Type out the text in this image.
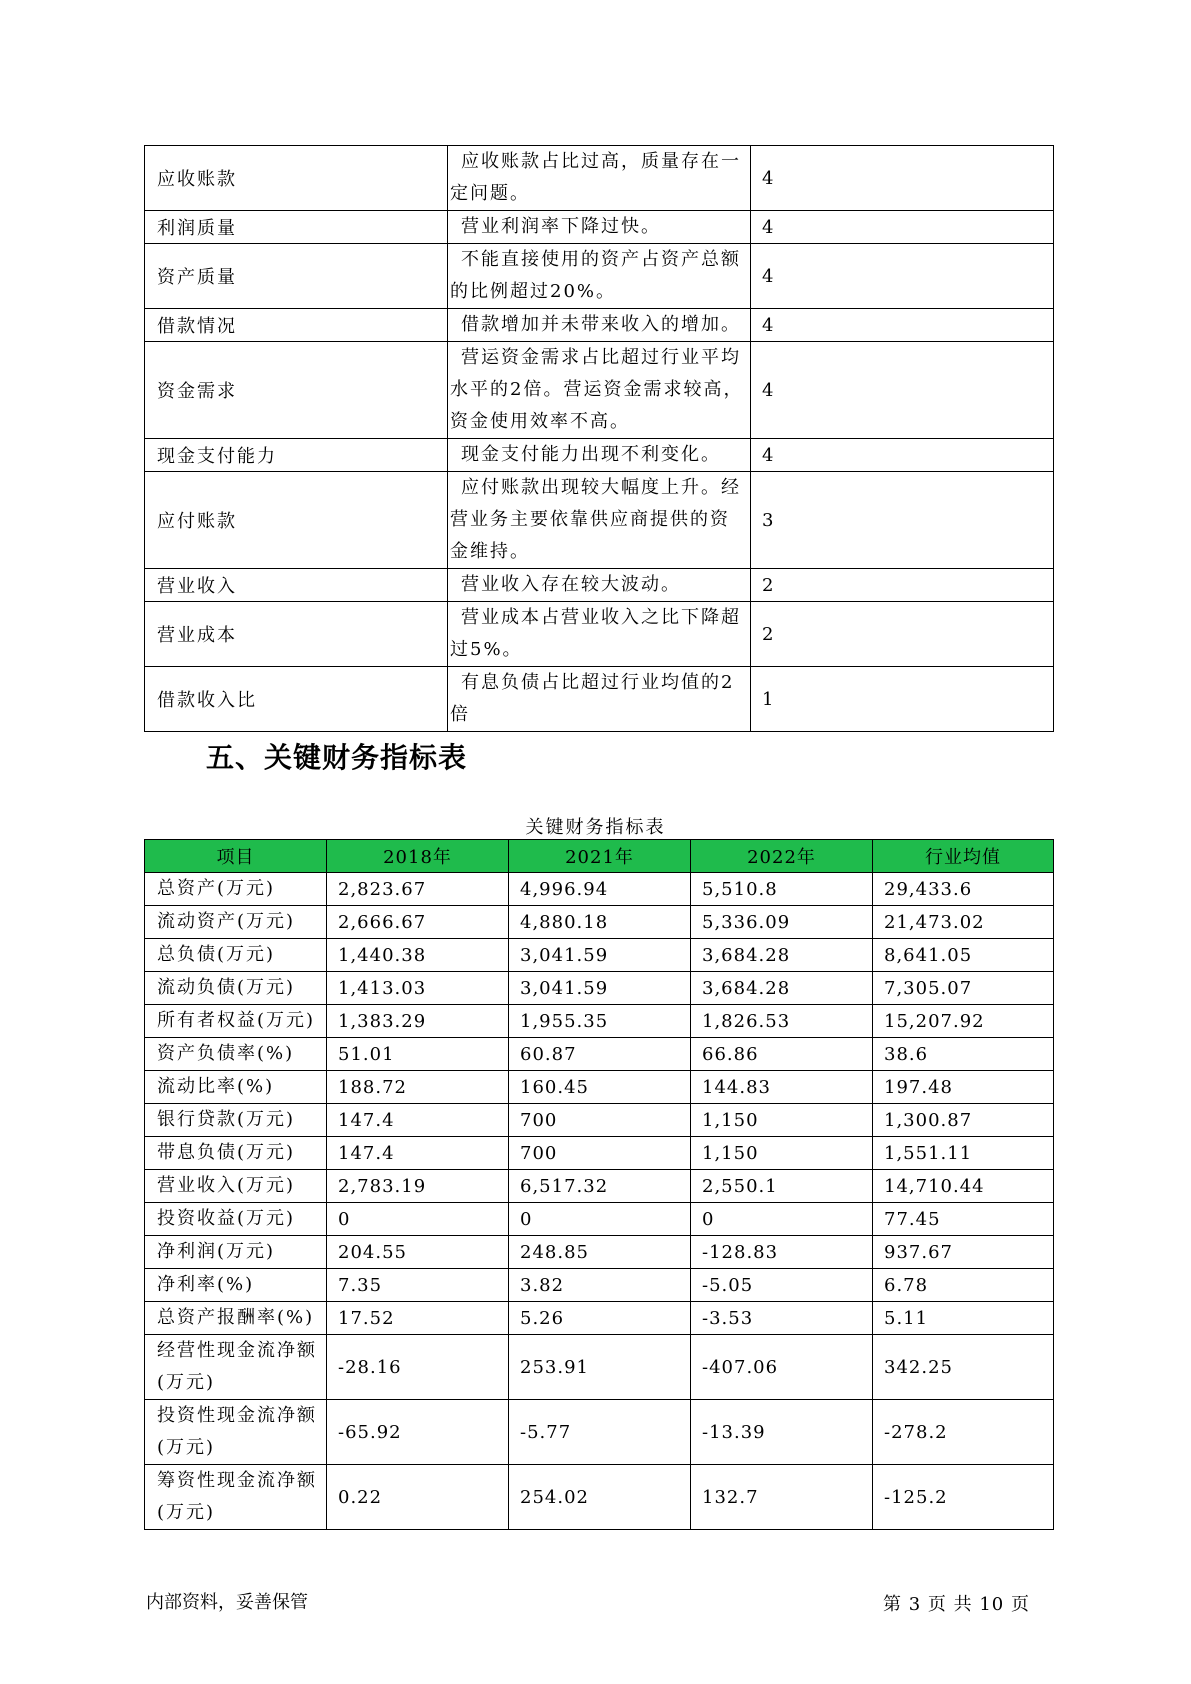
应收账款	应收账款占比过高，质量存在一定问题。	4
利润质量	营业利润率下降过快。	4
资产质量	不能直接使用的资产占资产总额的比例超过20%。	4
借款情况	借款增加并未带来收入的增加。	4
资金需求	营运资金需求占比超过行业平均水平的2倍。营运资金需求较高，资金使用效率不高。	4
现金支付能力	现金支付能力出现不利变化。	4
应付账款	应付账款出现较大幅度上升。经营业务主要依靠供应商提供的资金维持。	3
营业收入	营业收入存在较大波动。	2
营业成本	营业成本占营业收入之比下降超过5%。	2
借款收入比	有息负债占比超过行业均值的2倍	1
五、关键财务指标表
关键财务指标表
项目	2018年	2021年	2022年	行业均值
总资产(万元)	2,823.67	4,996.94	5,510.8	29,433.6
流动资产(万元)	2,666.67	4,880.18	5,336.09	21,473.02
总负债(万元)	1,440.38	3,041.59	3,684.28	8,641.05
流动负债(万元)	1,413.03	3,041.59	3,684.28	7,305.07
所有者权益(万元)	1,383.29	1,955.35	1,826.53	15,207.92
资产负债率(%)	51.01	60.87	66.86	38.6
流动比率(%)	188.72	160.45	144.83	197.48
银行贷款(万元)	147.4	700	1,150	1,300.87
带息负债(万元)	147.4	700	1,150	1,551.11
营业收入(万元)	2,783.19	6,517.32	2,550.1	14,710.44
投资收益(万元)	0	0	0	77.45
净利润(万元)	204.55	248.85	-128.83	937.67
净利率(%)	7.35	3.82	-5.05	6.78
总资产报酬率(%)	17.52	5.26	-3.53	5.11
经营性现金流净额(万元)	-28.16	253.91	-407.06	342.25
投资性现金流净额(万元)	-65.92	-5.77	-13.39	-278.2
筹资性现金流净额(万元)	0.22	254.02	132.7	-125.2
内部资料，妥善保管	第 3 页 共 10 页
